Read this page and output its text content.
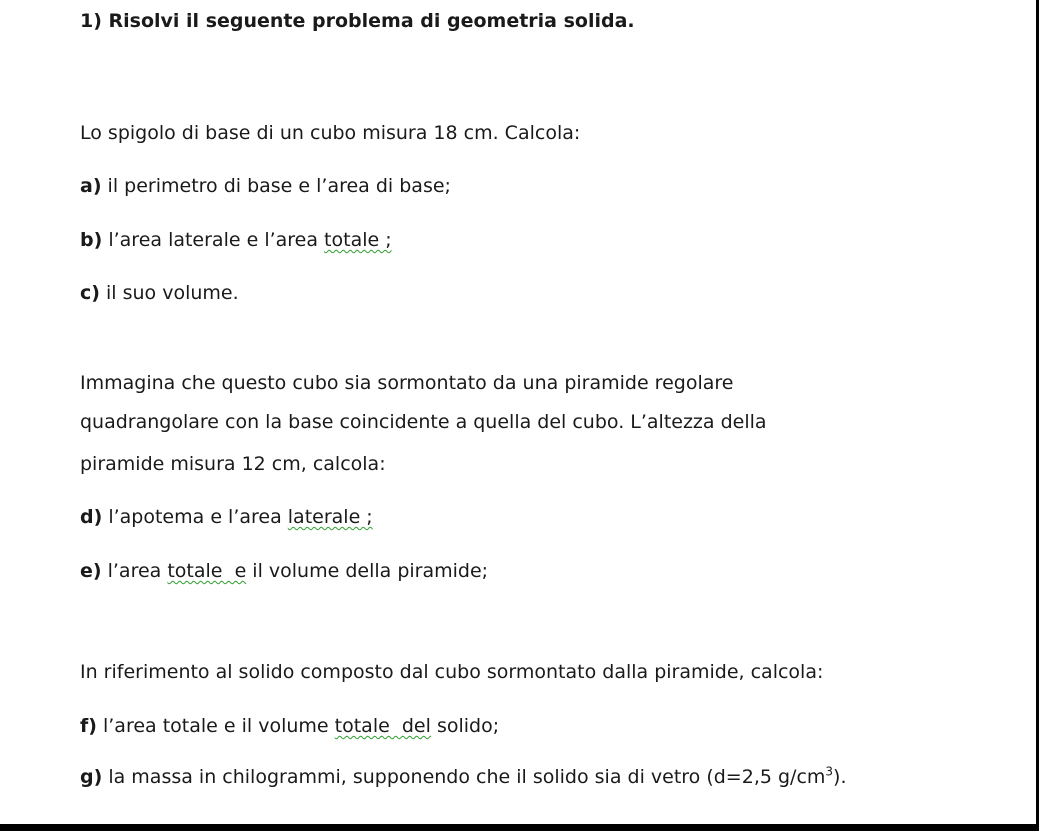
1) Risolvi il seguente problema di geometria solida.
Lo spigolo di base di un cubo misura 18 cm. Calcola:
a) il perimetro di base e l’area di base;
b) l’area laterale e l’area totale ;
c) il suo volume.
Immagina che questo cubo sia sormontato da una piramide regolare
quadrangolare con la base coincidente a quella del cubo. L’altezza della
piramide misura 12 cm, calcola:
d) l’apotema e l’area laterale ;
e) l’area totale  e il volume della piramide;
In riferimento al solido composto dal cubo sormontato dalla piramide, calcola:
f) l’area totale e il volume totale  del solido;
g) la massa in chilogrammi, supponendo che il solido sia di vetro (d=2,5 $g/cm^3$).
